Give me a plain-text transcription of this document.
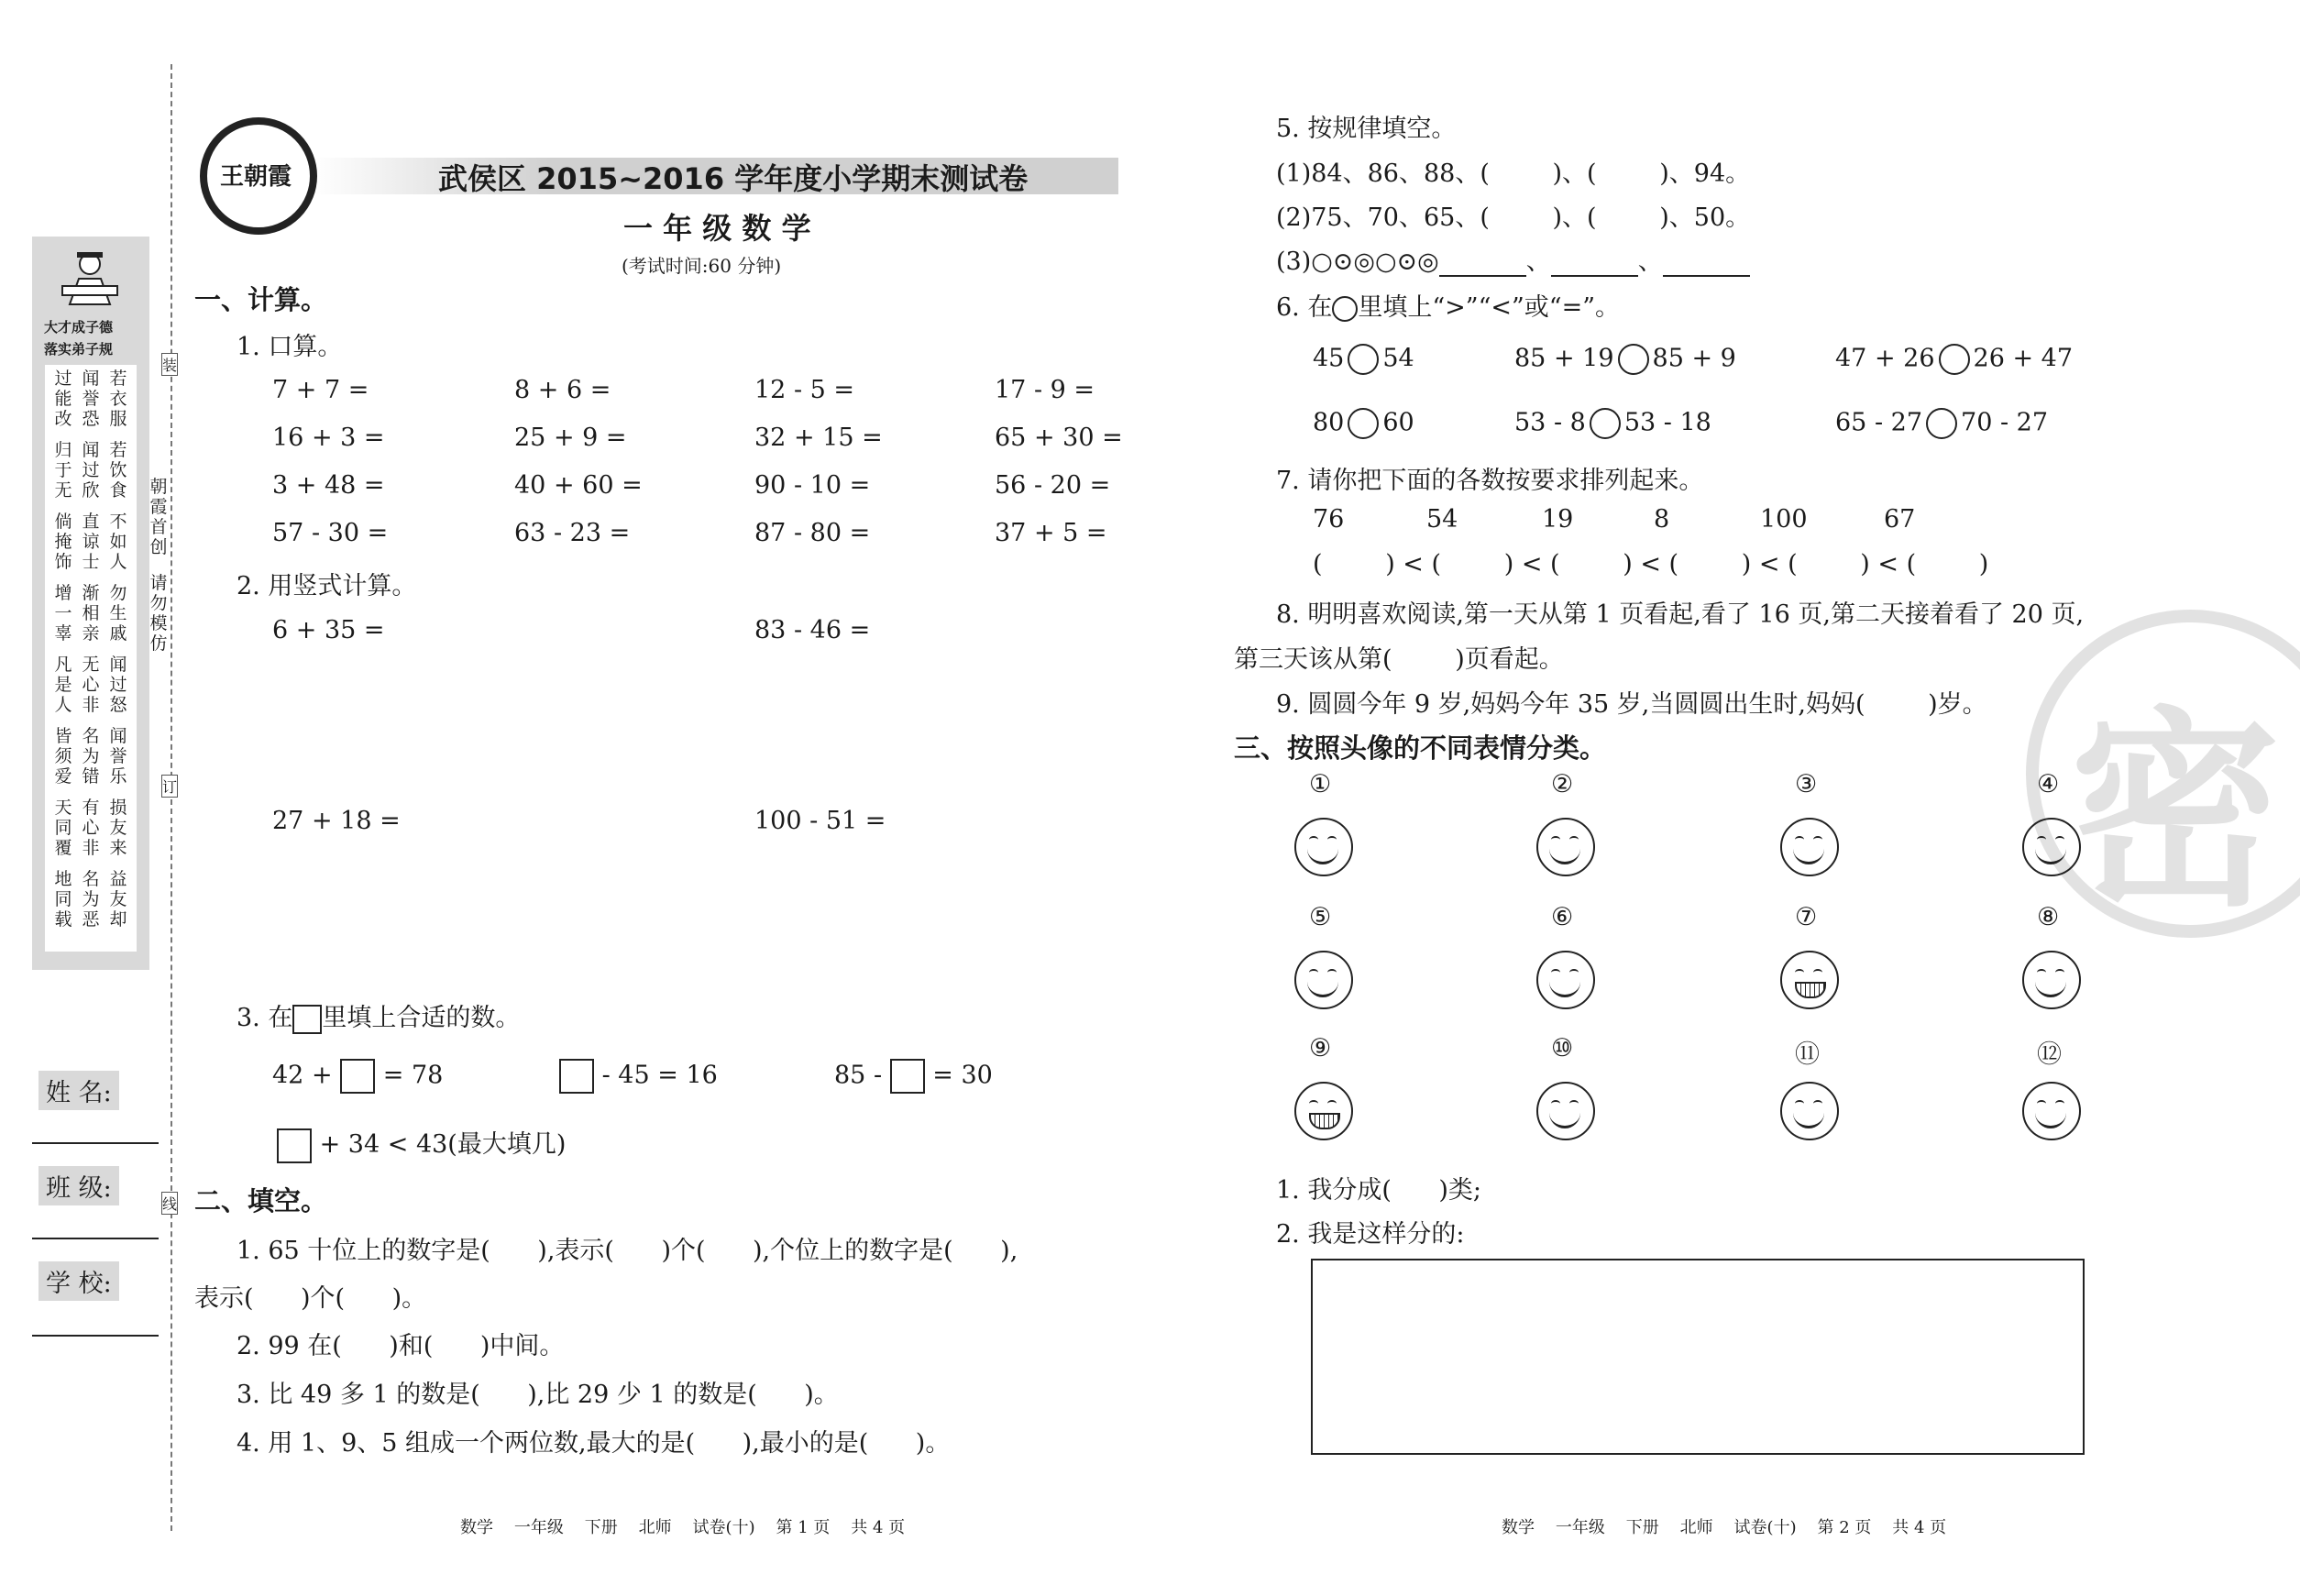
装
订
线
朝霞首创
请勿模仿
大才成子德
落实弟子规
过能改
闻誉恐
若衣服
归于无
闻过欣
若饮食
倘掩饰
直谅士
不如人
增一辜
渐相亲
勿生戚
凡是人
无心非
闻过怒
皆须爱
名为错
闻誉乐
天同覆
有心非
损友来
地同载
名为恶
益友却
姓 名:
班 级:
学 校:
王朝霞	武侯区 2015~2016 学年度小学期末测试卷
一 年 级 数 学
(考试时间:60 分钟)
一、计算。
1. 口算。
7 + 7 =	8 + 6 =	12 - 5 =	17 - 9 =
16 + 3 =	25 + 9 =	32 + 15 =	65 + 30 =
3 + 48 =	40 + 60 =	90 - 10 =	56 - 20 =
57 - 30 =	63 - 23 =	87 - 80 =	37 + 5 =
2. 用竖式计算。
6 + 35 =	83 - 46 =
27 + 18 =	100 - 51 =
3. 在 里填上合适的数。
42 + = 78	- 45 = 16	85 - = 30
+ 34 < 43(最大填几)
二、填空。
1. 65 十位上的数字是(      ),表示(      )个(      ),个位上的数字是(      ),
表示(      )个(      )。
2. 99 在(      )和(      )中间。
3. 比 49 多 1 的数是(      ),比 29 少 1 的数是(      )。
4. 用 1、9、5 组成一个两位数,最大的是(      ),最小的是(      )。
数学    一年级    下册    北师    试卷(十)    第 1 页    共 4 页
密
5. 按规律填空。
(1)84、86、88、(        )、(        )、94。
(2)75、70、65、(        )、(        )、50。
(3)○⊙◎○⊙◎	、	、
6. 在 里填上“>”“<”或“=”。
45 54	85 + 19 85 + 9	47 + 26 26 + 47
80 60	53 - 8 53 - 18	65 - 27 70 - 27
7. 请你把下面的各数按要求排列起来。
76	54	19	8	100	67
(        ) < (        ) < (        ) < (        ) < (        ) < (        )
8. 明明喜欢阅读,第一天从第 1 页看起,看了 16 页,第二天接着看了 20 页,
第三天该从第(        )页看起。
9. 圆圆今年 9 岁,妈妈今年 35 岁,当圆圆出生时,妈妈(        )岁。
三、按照头像的不同表情分类。
①	②	③	④
⑤	⑥	⑦	⑧
⑨	⑩	⑪	⑫
1. 我分成(      )类;
2. 我是这样分的:
数学    一年级    下册    北师    试卷(十)    第 2 页    共 4 页
